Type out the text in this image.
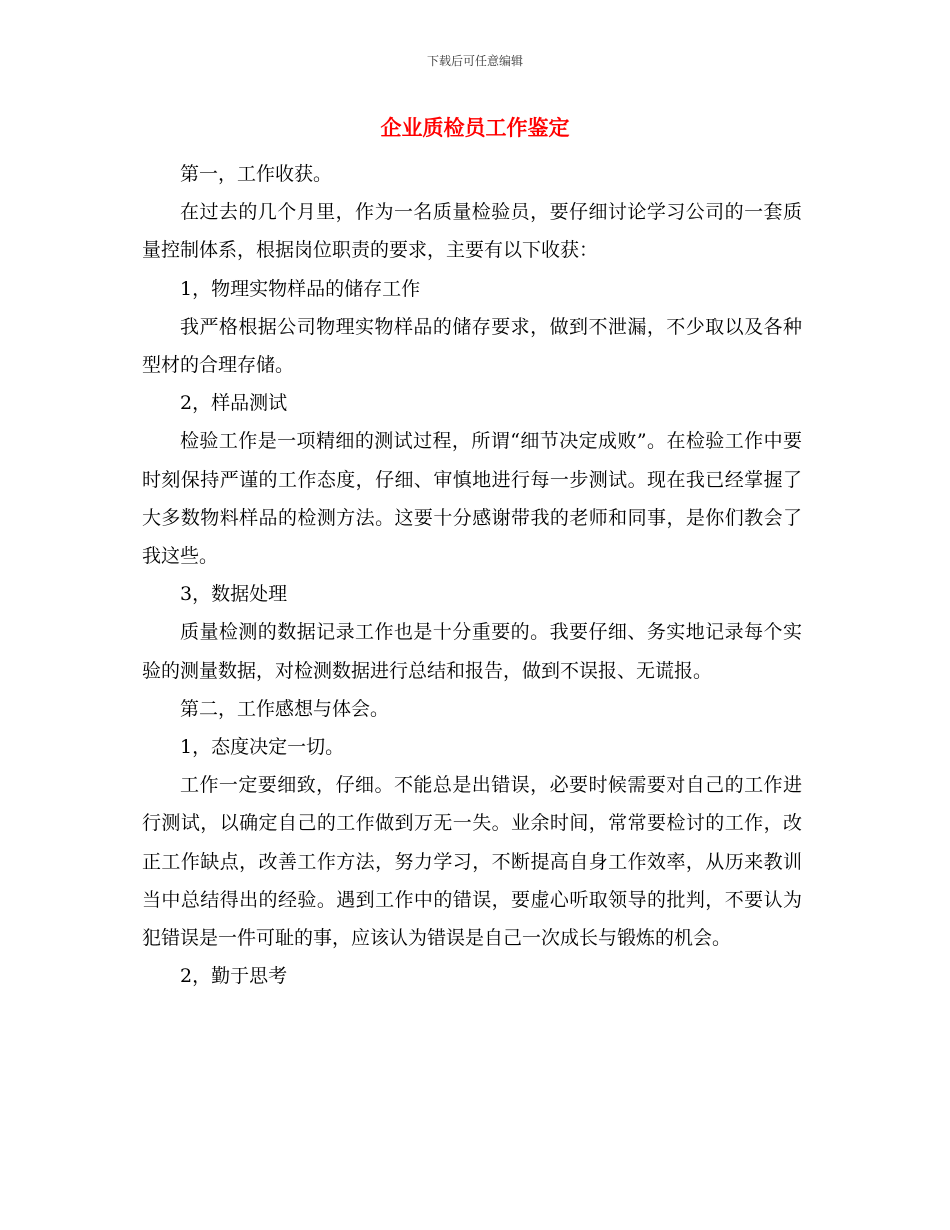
下载后可任意编辑
企业质检员工作鉴定

第一，工作收获。

在过去的几个月里，作为一名质量检验员，要仔细讨论学习公司的一套质量控制体系，根据岗位职责的要求，主要有以下收获：

1，物理实物样品的储存工作

我严格根据公司物理实物样品的储存要求，做到不泄漏，不少取以及各种型材的合理存储。

2，样品测试

检验工作是一项精细的测试过程，所谓“细节决定成败”。在检验工作中要时刻保持严谨的工作态度，仔细、审慎地进行每一步测试。现在我已经掌握了大多数物料样品的检测方法。这要十分感谢带我的老师和同事，是你们教会了我这些。

3，数据处理

质量检测的数据记录工作也是十分重要的。我要仔细、务实地记录每个实验的测量数据，对检测数据进行总结和报告，做到不误报、无谎报。

第二，工作感想与体会。

1，态度决定一切。

工作一定要细致，仔细。不能总是出错误，必要时候需要对自己的工作进行测试，以确定自己的工作做到万无一失。业余时间，常常要检讨的工作，改正工作缺点，改善工作方法，努力学习，不断提高自身工作效率，从历来教训当中总结得出的经验。遇到工作中的错误，要虚心听取领导的批判，不要认为犯错误是一件可耻的事，应该认为错误是自己一次成长与锻炼的机会。

2，勤于思考
